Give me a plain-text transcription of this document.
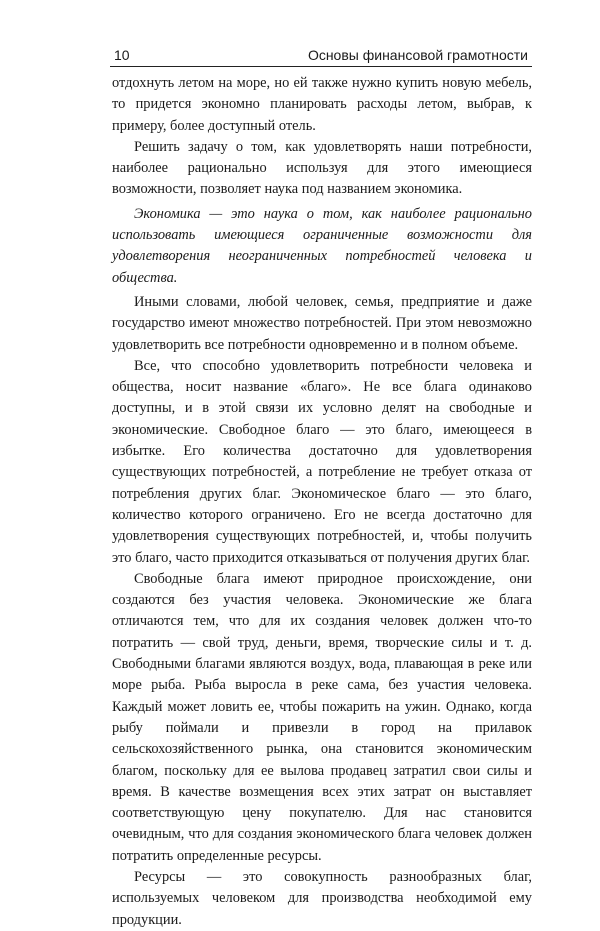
10	Основы финансовой грамотности

отдохнуть летом на море, но ей также нужно купить новую мебель, то придется экономно планировать расходы летом, выбрав, к примеру, более доступный отель.

Решить задачу о том, как удовлетворять наши потребности, наиболее рационально используя для этого имеющиеся возможности, позволяет наука под названием экономика.

Экономика — это наука о том, как наиболее рационально использовать имеющиеся ограниченные возможности для удовлетворения неограниченных потребностей человека и общества.

Иными словами, любой человек, семья, предприятие и даже государство имеют множество потребностей. При этом невозможно удовлетворить все потребности одновременно и в полном объеме.

Все, что способно удовлетворить потребности человека и общества, носит название «благо». Не все блага одинаково доступны, и в этой связи их условно делят на свободные и экономические. Свободное благо — это благо, имеющееся в избытке. Его количества достаточно для удовлетворения существующих потребностей, а потребление не требует отказа от потребления других благ. Экономическое благо — это благо, количество которого ограничено. Его не всегда достаточно для удовлетворения существующих потребностей, и, чтобы получить это благо, часто приходится отказываться от получения других благ.

Свободные блага имеют природное происхождение, они создаются без участия человека. Экономические же блага отличаются тем, что для их создания человек должен что-то потратить — свой труд, деньги, время, творческие силы и т. д. Свободными благами являются воздух, вода, плавающая в реке или море рыба. Рыба выросла в реке сама, без участия человека. Каждый может ловить ее, чтобы пожарить на ужин. Однако, когда рыбу поймали и привезли в город на прилавок сельскохозяйственного рынка, она становится экономическим благом, поскольку для ее вылова продавец затратил свои силы и время. В качестве возмещения всех этих затрат он выставляет соответствующую цену покупателю. Для нас становится очевидным, что для создания экономического блага человек должен потратить определенные ресурсы.

Ресурсы — это совокупность разнообразных благ, используемых человеком для производства необходимой ему продукции.
